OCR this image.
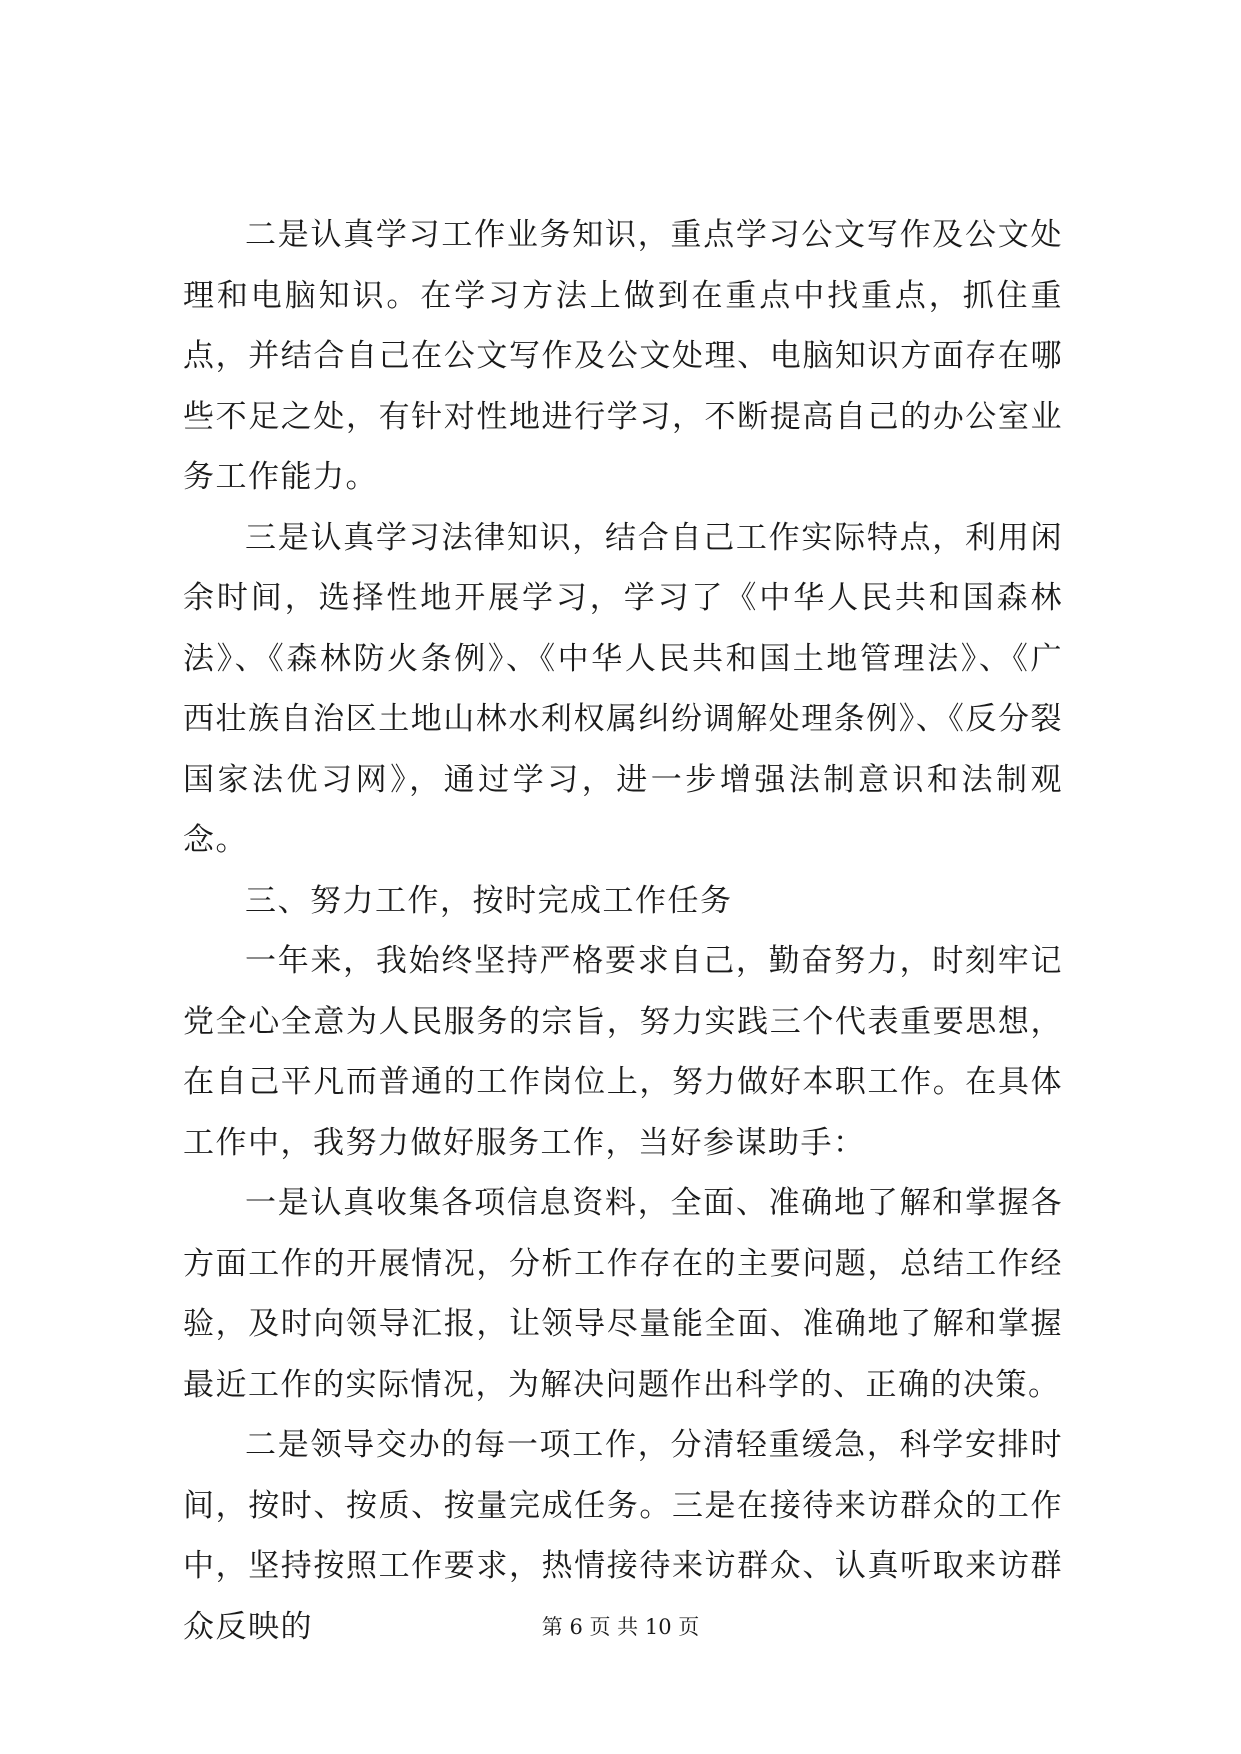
二是认真学习工作业务知识，重点学习公文写作及公文处理和电脑知识。在学习方法上做到在重点中找重点，抓住重点，并结合自己在公文写作及公文处理、电脑知识方面存在哪些不足之处，有针对性地进行学习，不断提高自己的办公室业务工作能力。

三是认真学习法律知识，结合自己工作实际特点，利用闲余时间，选择性地开展学习，学习了《中华人民共和国森林法》、《森林防火条例》、《中华人民共和国土地管理法》、《广西壮族自治区土地山林水利权属纠纷调解处理条例》、《反分裂国家法优习网》，通过学习，进一步增强法制意识和法制观念。

三、努力工作，按时完成工作任务

一年来，我始终坚持严格要求自己，勤奋努力，时刻牢记党全心全意为人民服务的宗旨，努力实践三个代表重要思想，在自己平凡而普通的工作岗位上，努力做好本职工作。在具体工作中，我努力做好服务工作，当好参谋助手：

一是认真收集各项信息资料，全面、准确地了解和掌握各方面工作的开展情况，分析工作存在的主要问题，总结工作经验，及时向领导汇报，让领导尽量能全面、准确地了解和掌握最近工作的实际情况，为解决问题作出科学的、正确的决策。

二是领导交办的每一项工作，分清轻重缓急，科学安排时间，按时、按质、按量完成任务。三是在接待来访群众的工作中，坚持按照工作要求，热情接待来访群众、认真听取来访群众反映的	第 6 页 共 10 页
